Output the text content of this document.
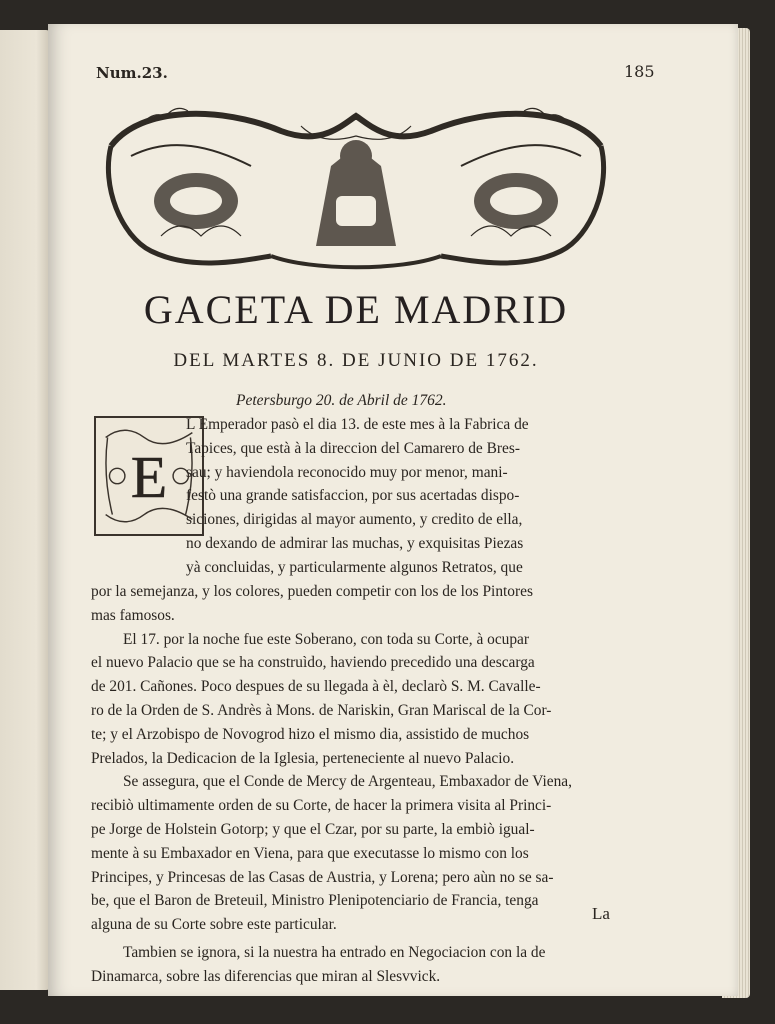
Num.23.	185
GACETA DE MADRID
DEL MARTES 8. DE JUNIO DE 1762.
Petersburgo 20. de Abril de 1762.
E
L Emperador pasò el dia 13. de este mes à la Fabrica de
Tapices, que està à la direccion del Camarero de Bres-
sau; y haviendola reconocido muy por menor, mani-
festò una grande satisfaccion, por sus acertadas dispo-
siciones, dirigidas al mayor aumento, y credito de ella,
no dexando de admirar las muchas, y exquisitas Piezas
yà concluidas, y particularmente algunos Retratos, que
por la semejanza, y los colores, pueden competir con los de los Pintores
mas famosos.
El 17. por la noche fue este Soberano, con toda su Corte, à ocupar
el nuevo Palacio que se ha construìdo, haviendo precedido una descarga
de 201. Cañones. Poco despues de su llegada à èl, declarò S. M. Cavalle-
ro de la Orden de S. Andrès à Mons. de Nariskin, Gran Mariscal de la Cor-
te; y el Arzobispo de Novogrod hizo el mismo dia, assistido de muchos
Prelados, la Dedicacion de la Iglesia, perteneciente al nuevo Palacio.
Se assegura, que el Conde de Mercy de Argenteau, Embaxador de Viena,
recibiò ultimamente orden de su Corte, de hacer la primera visita al Princi-
pe Jorge de Holstein Gotorp; y que el Czar, por su parte, la embiò igual-
mente à su Embaxador en Viena, para que executasse lo mismo con los
Principes, y Princesas de las Casas de Austria, y Lorena; pero aùn no se sa-
be, que el Baron de Breteuil, Ministro Plenipotenciario de Francia, tenga
alguna de su Corte sobre este particular.
Tambien se ignora, si la nuestra ha entrado en Negociacion con la de
Dinamarca, sobre las diferencias que miran al Slesvvick.
La
